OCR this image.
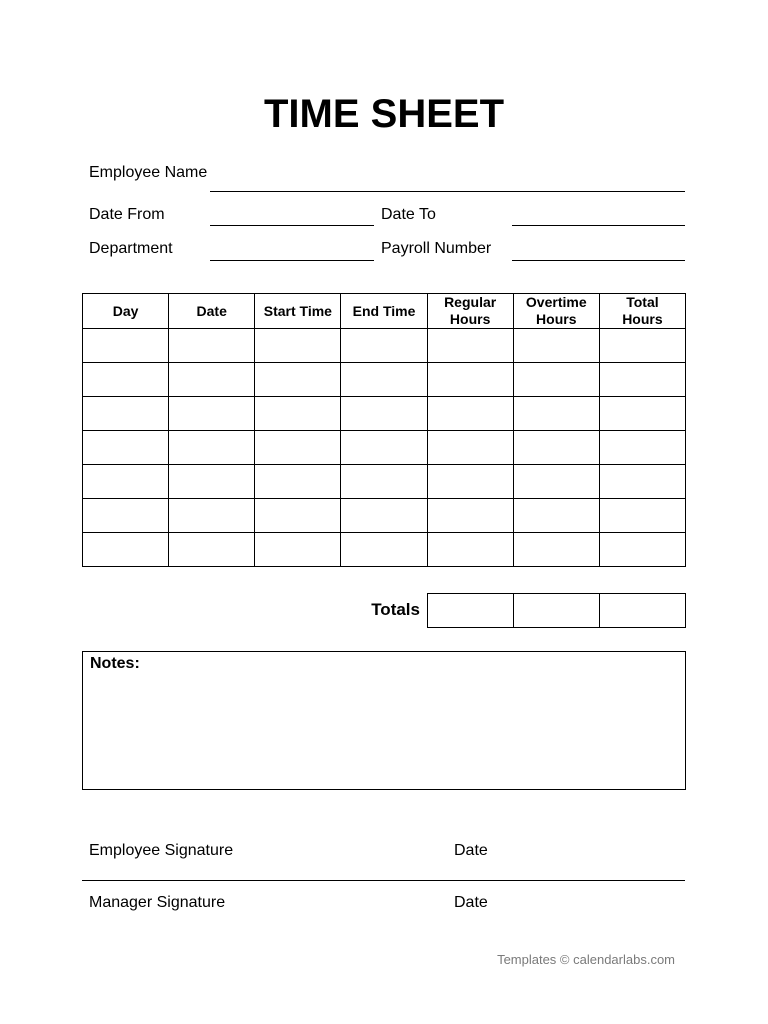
TIME SHEET
Employee Name
Date From	Date To
Department	Payroll Number
Day	Date	Start Time	End Time	Regular Hours	Overtime Hours	Total Hours

Totals

Notes:
Employee Signature	Date
Manager Signature	Date
Templates © calendarlabs.com
